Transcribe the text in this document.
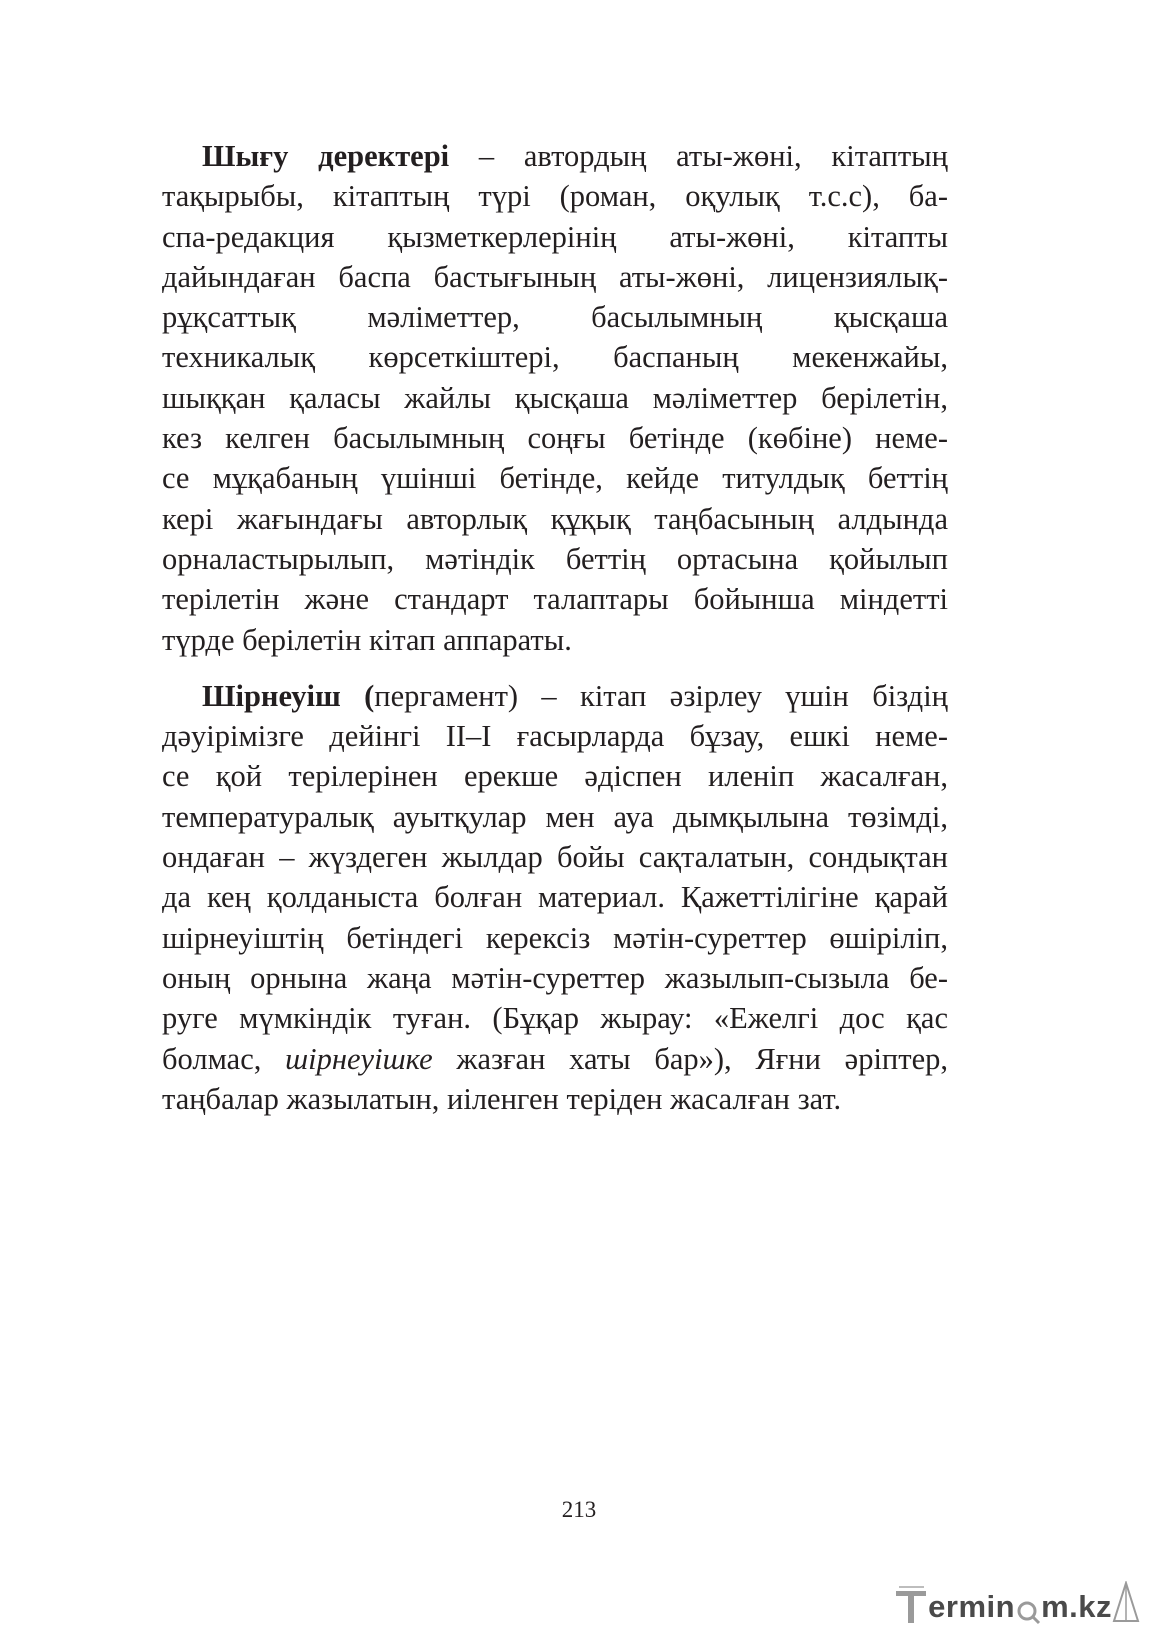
Шығу деректері – автордың аты-жөні, кітаптың
тақырыбы, кітаптың түрі (роман, оқулық т.с.с), ба-
спа-редакция қызметкерлерінің аты-жөні, кітапты
дайындаған баспа бастығының аты-жөні, лицензиялық-
рұқсаттық мәліметтер, басылымның қысқаша
техникалық көрсеткіштері, баспаның мекенжайы,
шыққан қаласы жайлы қысқаша мәліметтер берілетін,
кез келген басылымның соңғы бетінде (көбіне) неме-
се мұқабаның үшінші бетінде, кейде титулдық беттің
кері жағындағы авторлық құқық таңбасының алдында
орналастырылып, мәтіндік беттің ортасына қойылып
терілетін және стандарт талаптары бойынша міндетті
түрде берілетін кітап аппараты.

Шірнеуіш (пергамент) – кітап әзірлеу үшін біздің
дәуірімізге дейінгі II–I ғасырларда бұзау, ешкі неме-
се қой терілерінен ерекше әдіспен иленіп жасалған,
температуралық ауытқулар мен ауа дымқылына төзімді,
ондаған – жүздеген жылдар бойы сақталатын, сондықтан
да кең қолданыста болған материал. Қажеттілігіне қарай
шірнеуіштің бетіндегі керексіз мәтін-суреттер өшіріліп,
оның орнына жаңа мәтін-суреттер жазылып-сызыла бе-
руге мүмкіндік туған. (Бұқар жырау: «Ежелгі дос қас
болмас, шірнеуішке жазған хаты бар»), Яғни әріптер,
таңбалар жазылатын, иіленген теріден жасалған зат.

213
ermin m.kz
